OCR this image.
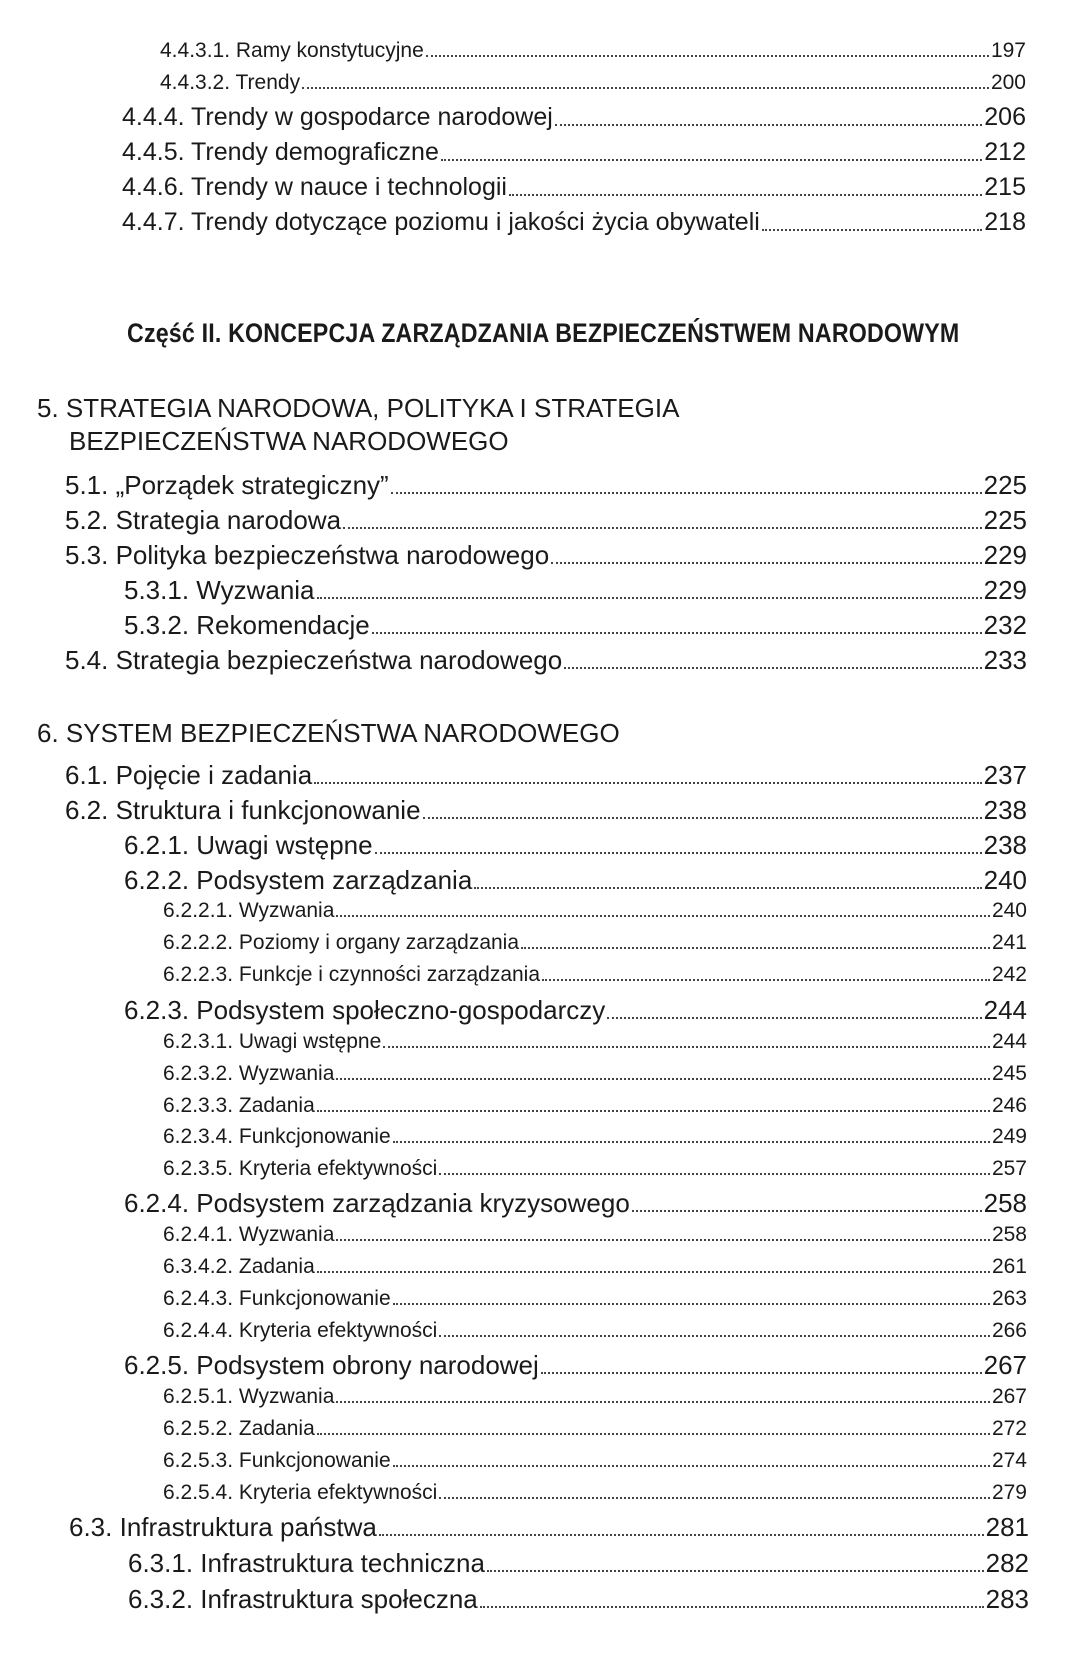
4.4.3.1. Ramy konstytucyjne	197
4.4.3.2. Trendy	200
4.4.4. Trendy w gospodarce narodowej	206
4.4.5. Trendy demograficzne	212
4.4.6. Trendy w nauce i technologii	215
4.4.7. Trendy dotyczące poziomu i jakości życia obywateli	218
Część II. KONCEPCJA ZARZĄDZANIA BEZPIECZEŃSTWEM NARODOWYM
5. STRATEGIA NARODOWA, POLITYKA I STRATEGIA
BEZPIECZEŃSTWA NARODOWEGO
5.1. „Porządek strategiczny”	225
5.2. Strategia narodowa	225
5.3. Polityka bezpieczeństwa narodowego	229
5.3.1. Wyzwania	229
5.3.2. Rekomendacje	232
5.4. Strategia bezpieczeństwa narodowego	233
6. SYSTEM BEZPIECZEŃSTWA NARODOWEGO
6.1. Pojęcie i zadania	237
6.2. Struktura i funkcjonowanie	238
6.2.1. Uwagi wstępne	238
6.2.2. Podsystem zarządzania	240
6.2.2.1. Wyzwania	240
6.2.2.2. Poziomy i organy zarządzania	241
6.2.2.3. Funkcje i czynności zarządzania	242
6.2.3. Podsystem społeczno-gospodarczy	244
6.2.3.1. Uwagi wstępne	244
6.2.3.2. Wyzwania	245
6.2.3.3. Zadania	246
6.2.3.4. Funkcjonowanie	249
6.2.3.5. Kryteria efektywności	257
6.2.4. Podsystem zarządzania kryzysowego	258
6.2.4.1. Wyzwania	258
6.3.4.2. Zadania	261
6.2.4.3. Funkcjonowanie	263
6.2.4.4. Kryteria efektywności	266
6.2.5. Podsystem obrony narodowej	267
6.2.5.1. Wyzwania	267
6.2.5.2. Zadania	272
6.2.5.3. Funkcjonowanie	274
6.2.5.4. Kryteria efektywności	279
6.3. Infrastruktura państwa	281
6.3.1. Infrastruktura techniczna	282
6.3.2. Infrastruktura społeczna	283
